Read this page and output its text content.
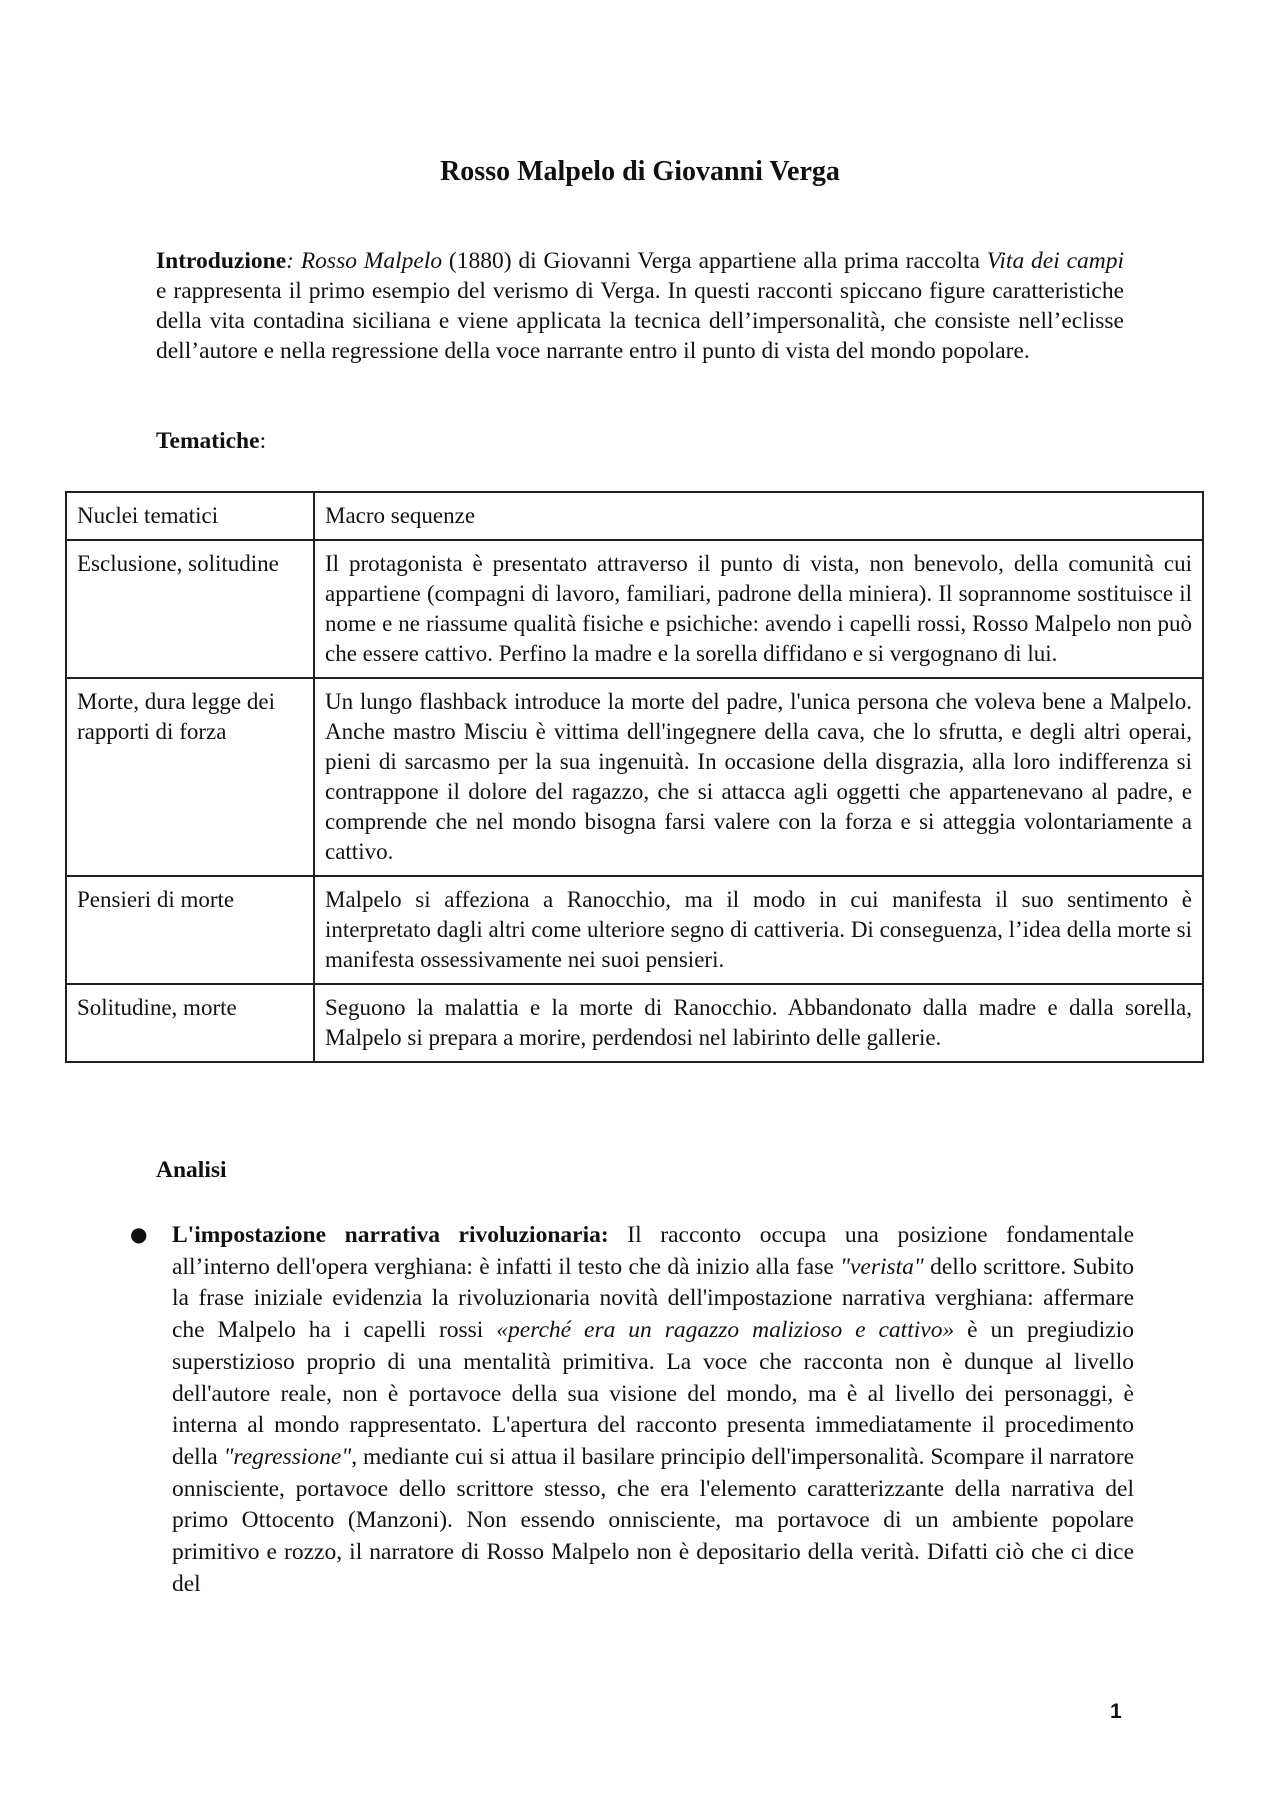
Rosso Malpelo di Giovanni Verga
Introduzione: Rosso Malpelo (1880) di Giovanni Verga appartiene alla prima raccolta Vita dei campi e rappresenta il primo esempio del verismo di Verga. In questi racconti spiccano figure caratteristiche della vita contadina siciliana e viene applicata la tecnica dell’impersonalità, che consiste nell’eclisse dell’autore e nella regressione della voce narrante entro il punto di vista del mondo popolare.
Tematiche:
Nuclei tematici	Macro sequenze
Esclusione, solitudine	Il protagonista è presentato attraverso il punto di vista, non benevolo, della comunità cui appartiene (compagni di lavoro, familiari, padrone della miniera). Il soprannome sostituisce il nome e ne riassume qualità fisiche e psichiche: avendo i capelli rossi, Rosso Malpelo non può che essere cattivo. Perfino la madre e la sorella diffidano e si vergognano di lui.
Morte, dura legge dei rapporti di forza	Un lungo flashback introduce la morte del padre, l'unica persona che voleva bene a Malpelo. Anche mastro Misciu è vittima dell'ingegnere della cava, che lo sfrutta, e degli altri operai, pieni di sarcasmo per la sua ingenuità. In occasione della disgrazia, alla loro indifferenza si contrappone il dolore del ragazzo, che si attacca agli oggetti che appartenevano al padre, e comprende che nel mondo bisogna farsi valere con la forza e si atteggia volontariamente a cattivo.
Pensieri di morte	Malpelo si affeziona a Ranocchio, ma il modo in cui manifesta il suo sentimento è interpretato dagli altri come ulteriore segno di cattiveria. Di conseguenza, l’idea della morte si manifesta ossessivamente nei suoi pensieri.
Solitudine, morte	Seguono la malattia e la morte di Ranocchio. Abbandonato dalla madre e dalla sorella, Malpelo si prepara a morire, perdendosi nel labirinto delle gallerie.
Analisi
● L'impostazione narrativa rivoluzionaria: Il racconto occupa una posizione fondamentale all’interno dell'opera verghiana: è infatti il testo che dà inizio alla fase "verista" dello scrittore. Subito la frase iniziale evidenzia la rivoluzionaria novità dell'impostazione narrativa verghiana: affermare che Malpelo ha i capelli rossi «perché era un ragazzo malizioso e cattivo» è un pregiudizio superstizioso proprio di una mentalità primitiva. La voce che racconta non è dunque al livello dell'autore reale, non è portavoce della sua visione del mondo, ma è al livello dei personaggi, è interna al mondo rappresentato. L'apertura del racconto presenta immediatamente il procedimento della "regressione", mediante cui si attua il basilare principio dell'impersonalità. Scompare il narratore onnisciente, portavoce dello scrittore stesso, che era l'elemento caratterizzante della narrativa del primo Ottocento (Manzoni). Non essendo onnisciente, ma portavoce di un ambiente popolare primitivo e rozzo, il narratore di Rosso Malpelo non è depositario della verità. Difatti ciò che ci dice del
1
